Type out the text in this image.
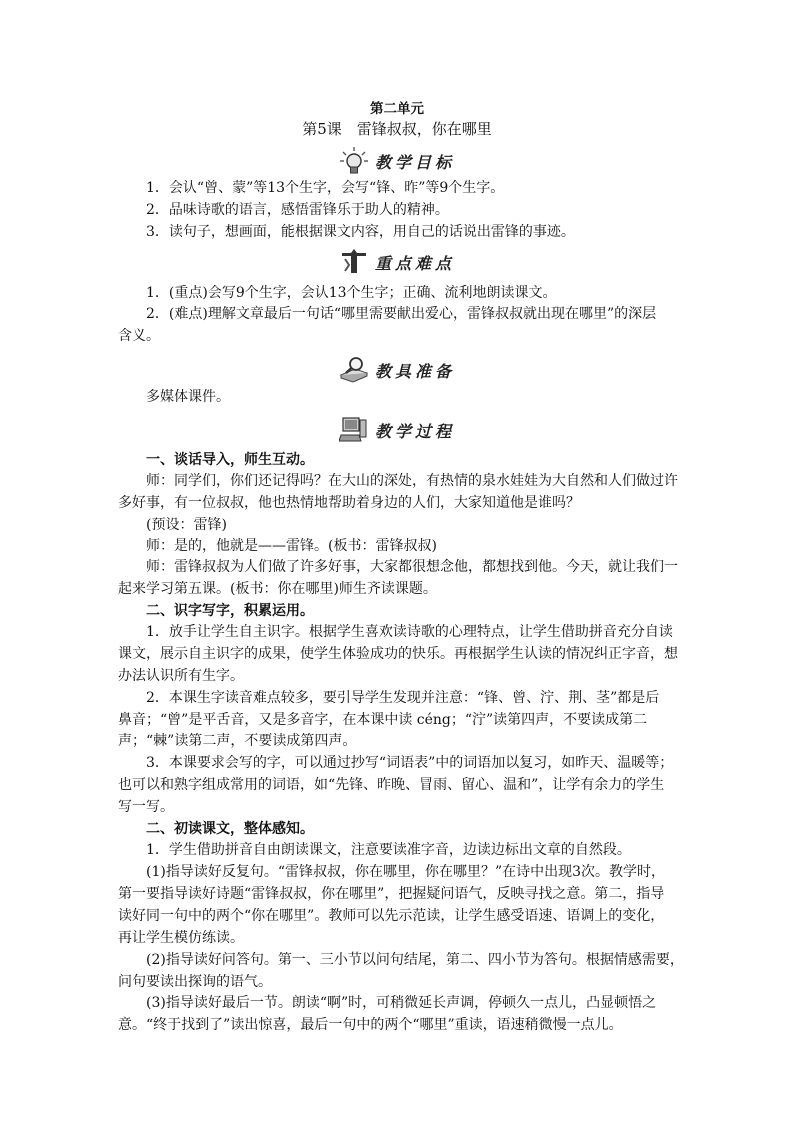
第二单元
第5课　雷锋叔叔，你在哪里
教学目标
1．会认“曾、蒙”等13个生字，会写“锋、昨”等9个生字。
2．品味诗歌的语言，感悟雷锋乐于助人的精神。
3．读句子，想画面，能根据课文内容，用自己的话说出雷锋的事迹。
重点难点
1．(重点)会写9个生字，会认13个生字；正确、流利地朗读课文。
2．(难点)理解文章最后一句话“哪里需要献出爱心，雷锋叔叔就出现在哪里”的深层
含义。
教具准备
多媒体课件。
教学过程
一、谈话导入，师生互动。
师：同学们，你们还记得吗？在大山的深处，有热情的泉水娃娃为大自然和人们做过许
多好事，有一位叔叔，他也热情地帮助着身边的人们，大家知道他是谁吗？
(预设：雷锋)
师：是的，他就是——雷锋。(板书：雷锋叔叔)
师：雷锋叔叔为人们做了许多好事，大家都很想念他，都想找到他。今天，就让我们一
起来学习第五课。(板书：你在哪里)师生齐读课题。
二、识字写字，积累运用。
1．放手让学生自主识字。根据学生喜欢读诗歌的心理特点，让学生借助拼音充分自读
课文，展示自主识字的成果，使学生体验成功的快乐。再根据学生认读的情况纠正字音，想
办法认识所有生字。
2．本课生字读音难点较多，要引导学生发现并注意：“锋、曾、泞、荆、茎”都是后
鼻音；“曾”是平舌音，又是多音字，在本课中读 céng；“泞”读第四声，不要读成第二
声；“棘”读第二声，不要读成第四声。
3．本课要求会写的字，可以通过抄写“词语表”中的词语加以复习，如昨天、温暖等；
也可以和熟字组成常用的词语，如“先锋、昨晚、冒雨、留心、温和”，让学有余力的学生
写一写。
二、初读课文，整体感知。
1．学生借助拼音自由朗读课文，注意要读准字音，边读边标出文章的自然段。
(1)指导读好反复句。“雷锋叔叔，你在哪里，你在哪里？”在诗中出现3次。教学时，
第一要指导读好诗题“雷锋叔叔，你在哪里”，把握疑问语气，反映寻找之意。第二，指导
读好同一句中的两个“你在哪里”。教师可以先示范读，让学生感受语速、语调上的变化，
再让学生模仿练读。
(2)指导读好问答句。第一、三小节以问句结尾，第二、四小节为答句。根据情感需要，
问句要读出探询的语气。
(3)指导读好最后一节。朗读“啊”时，可稍微延长声调，停顿久一点儿，凸显顿悟之
意。“终于找到了”读出惊喜，最后一句中的两个“哪里”重读，语速稍微慢一点儿。
